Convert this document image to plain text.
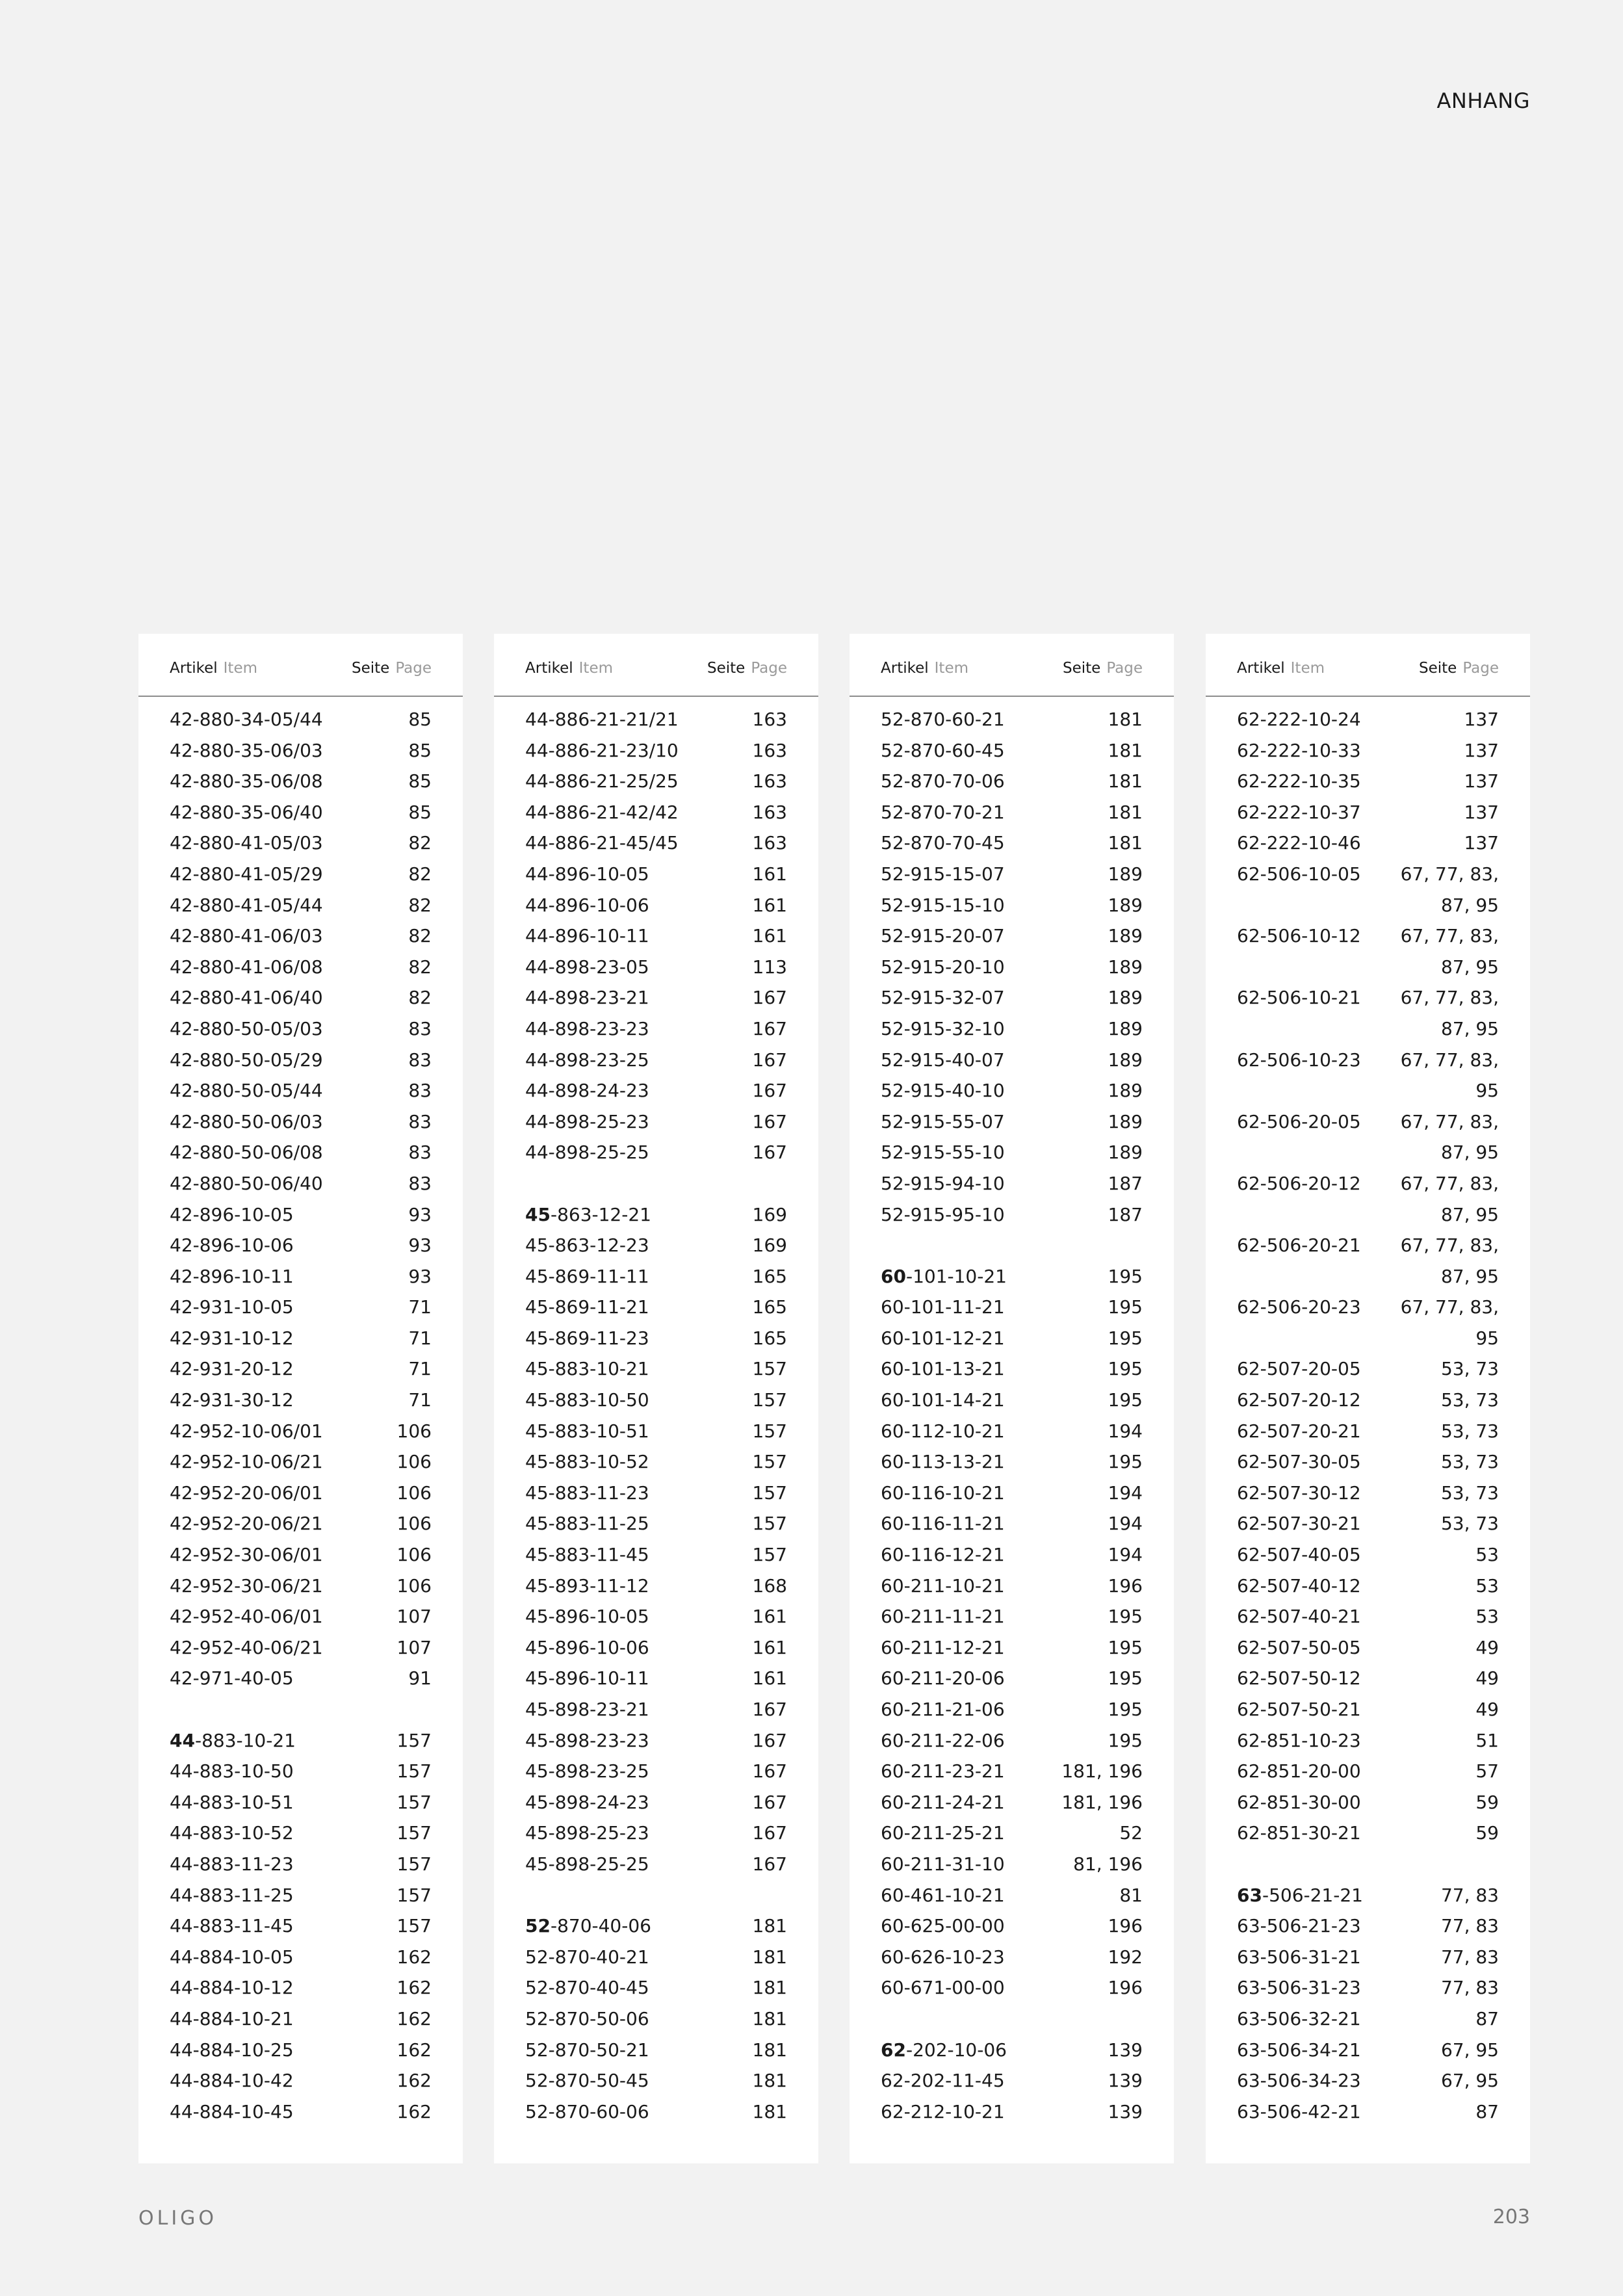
ANHANG
Artikel Item	Seite Page
42-880-34-05/44	85
42-880-35-06/03	85
42-880-35-06/08	85
42-880-35-06/40	85
42-880-41-05/03	82
42-880-41-05/29	82
42-880-41-05/44	82
42-880-41-06/03	82
42-880-41-06/08	82
42-880-41-06/40	82
42-880-50-05/03	83
42-880-50-05/29	83
42-880-50-05/44	83
42-880-50-06/03	83
42-880-50-06/08	83
42-880-50-06/40	83
42-896-10-05	93
42-896-10-06	93
42-896-10-11	93
42-931-10-05	71
42-931-10-12	71
42-931-20-12	71
42-931-30-12	71
42-952-10-06/01	106
42-952-10-06/21	106
42-952-20-06/01	106
42-952-20-06/21	106
42-952-30-06/01	106
42-952-30-06/21	106
42-952-40-06/01	107
42-952-40-06/21	107
42-971-40-05	91
44-883-10-21	157
44-883-10-50	157
44-883-10-51	157
44-883-10-52	157
44-883-11-23	157
44-883-11-25	157
44-883-11-45	157
44-884-10-05	162
44-884-10-12	162
44-884-10-21	162
44-884-10-25	162
44-884-10-42	162
44-884-10-45	162
Artikel Item	Seite Page
44-886-21-21/21	163
44-886-21-23/10	163
44-886-21-25/25	163
44-886-21-42/42	163
44-886-21-45/45	163
44-896-10-05	161
44-896-10-06	161
44-896-10-11	161
44-898-23-05	113
44-898-23-21	167
44-898-23-23	167
44-898-23-25	167
44-898-24-23	167
44-898-25-23	167
44-898-25-25	167
45-863-12-21	169
45-863-12-23	169
45-869-11-11	165
45-869-11-21	165
45-869-11-23	165
45-883-10-21	157
45-883-10-50	157
45-883-10-51	157
45-883-10-52	157
45-883-11-23	157
45-883-11-25	157
45-883-11-45	157
45-893-11-12	168
45-896-10-05	161
45-896-10-06	161
45-896-10-11	161
45-898-23-21	167
45-898-23-23	167
45-898-23-25	167
45-898-24-23	167
45-898-25-23	167
45-898-25-25	167
52-870-40-06	181
52-870-40-21	181
52-870-40-45	181
52-870-50-06	181
52-870-50-21	181
52-870-50-45	181
52-870-60-06	181
Artikel Item	Seite Page
52-870-60-21	181
52-870-60-45	181
52-870-70-06	181
52-870-70-21	181
52-870-70-45	181
52-915-15-07	189
52-915-15-10	189
52-915-20-07	189
52-915-20-10	189
52-915-32-07	189
52-915-32-10	189
52-915-40-07	189
52-915-40-10	189
52-915-55-07	189
52-915-55-10	189
52-915-94-10	187
52-915-95-10	187
60-101-10-21	195
60-101-11-21	195
60-101-12-21	195
60-101-13-21	195
60-101-14-21	195
60-112-10-21	194
60-113-13-21	195
60-116-10-21	194
60-116-11-21	194
60-116-12-21	194
60-211-10-21	196
60-211-11-21	195
60-211-12-21	195
60-211-20-06	195
60-211-21-06	195
60-211-22-06	195
60-211-23-21	181, 196
60-211-24-21	181, 196
60-211-25-21	52
60-211-31-10	81, 196
60-461-10-21	81
60-625-00-00	196
60-626-10-23	192
60-671-00-00	196
62-202-10-06	139
62-202-11-45	139
62-212-10-21	139
Artikel Item	Seite Page
62-222-10-24	137
62-222-10-33	137
62-222-10-35	137
62-222-10-37	137
62-222-10-46	137
62-506-10-05 67, 77, 83,
87, 95
62-506-10-12 67, 77, 83,
87, 95
62-506-10-21 67, 77, 83,
87, 95
62-506-10-23 67, 77, 83,
95
62-506-20-05 67, 77, 83,
87, 95
62-506-20-12 67, 77, 83,
87, 95
62-506-20-21 67, 77, 83,
87, 95
62-506-20-23 67, 77, 83,
95
62-507-20-05	53, 73
62-507-20-12	53, 73
62-507-20-21	53, 73
62-507-30-05	53, 73
62-507-30-12	53, 73
62-507-30-21	53, 73
62-507-40-05	53
62-507-40-12	53
62-507-40-21	53
62-507-50-05	49
62-507-50-12	49
62-507-50-21	49
62-851-10-23	51
62-851-20-00	57
62-851-30-00	59
62-851-30-21	59
63-506-21-21	77, 83
63-506-21-23	77, 83
63-506-31-21	77, 83
63-506-31-23	77, 83
63-506-32-21	87
63-506-34-21	67, 95
63-506-34-23	67, 95
63-506-42-21	87
OLIGO	203
